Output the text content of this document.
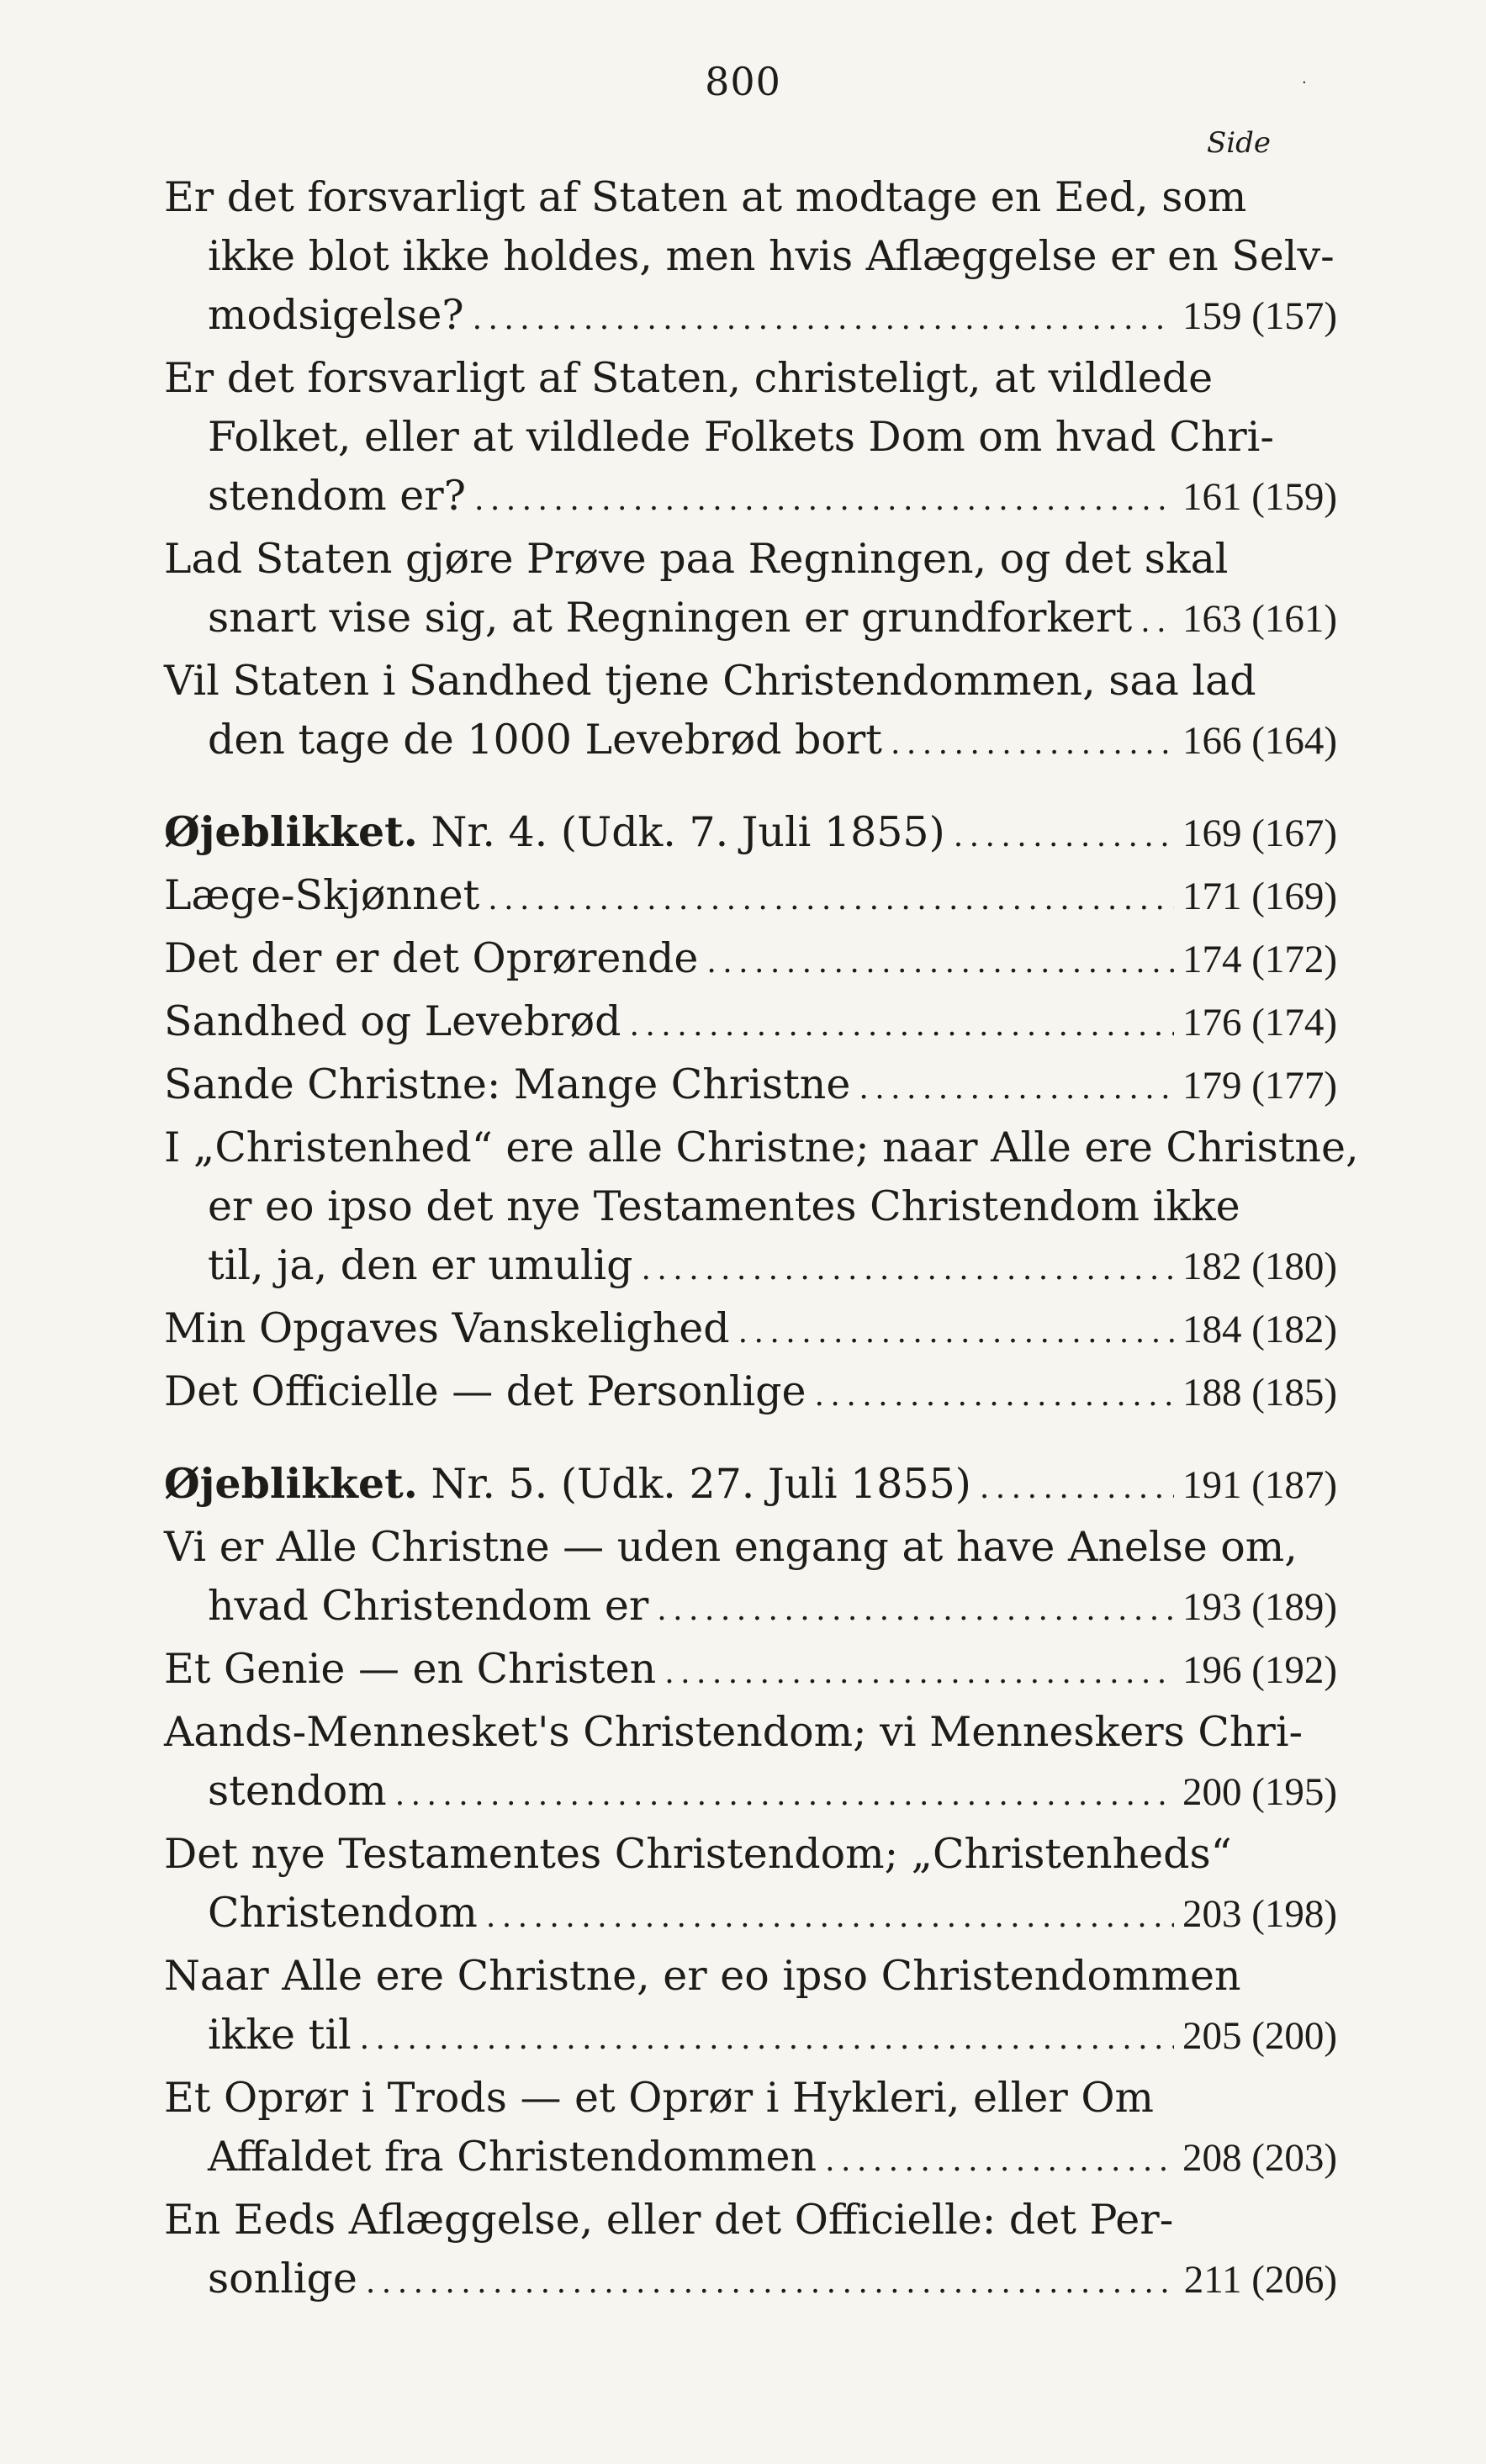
800	·
Side
Er det forsvarligt af Staten at modtage en Eed, som
ikke blot ikke holdes, men hvis Aflæggelse er en Selv-
modsigelse? . . .	159 (157)
Er det forsvarligt af Staten, christeligt, at vildlede
Folket, eller at vildlede Folkets Dom om hvad Chri-
stendom er? . . .	161 (159)
Lad Staten gjøre Prøve paa Regningen, og det skal
snart vise sig, at Regningen er grundforkert . . . 163 (161)
Vil Staten i Sandhed tjene Christendommen, saa lad
den tage de 1000 Levebrød bort . . .	166 (164)
Øjeblikket. Nr. 4. (Udk. 7. Juli 1855) . . .	169 (167)
Læge-Skjønnet . . .	171 (169)
Det der er det Oprørende . . .	174 (172)
Sandhed og Levebrød . . .	176 (174)
Sande Christne: Mange Christne . . .	179 (177)
I „Christenhed“ ere alle Christne; naar Alle ere Christne,
er eo ipso det nye Testamentes Christendom ikke
til, ja, den er umulig . . .	182 (180)
Min Opgaves Vanskelighed . . .	184 (182)
Det Officielle — det Personlige . . .	188 (185)
Øjeblikket. Nr. 5. (Udk. 27. Juli 1855) . . .	191 (187)
Vi er Alle Christne — uden engang at have Anelse om,
hvad Christendom er . . .	193 (189)
Et Genie — en Christen . . .	196 (192)
Aands-Mennesket's Christendom; vi Menneskers Chri-
stendom . . .	200 (195)
Det nye Testamentes Christendom; „Christenheds“
Christendom . . .	203 (198)
Naar Alle ere Christne, er eo ipso Christendommen
ikke til . . .	205 (200)
Et Oprør i Trods — et Oprør i Hykleri, eller Om
Affaldet fra Christendommen . . .	208 (203)
En Eeds Aflæggelse, eller det Officielle: det Per-
sonlige . . .	211 (206)
